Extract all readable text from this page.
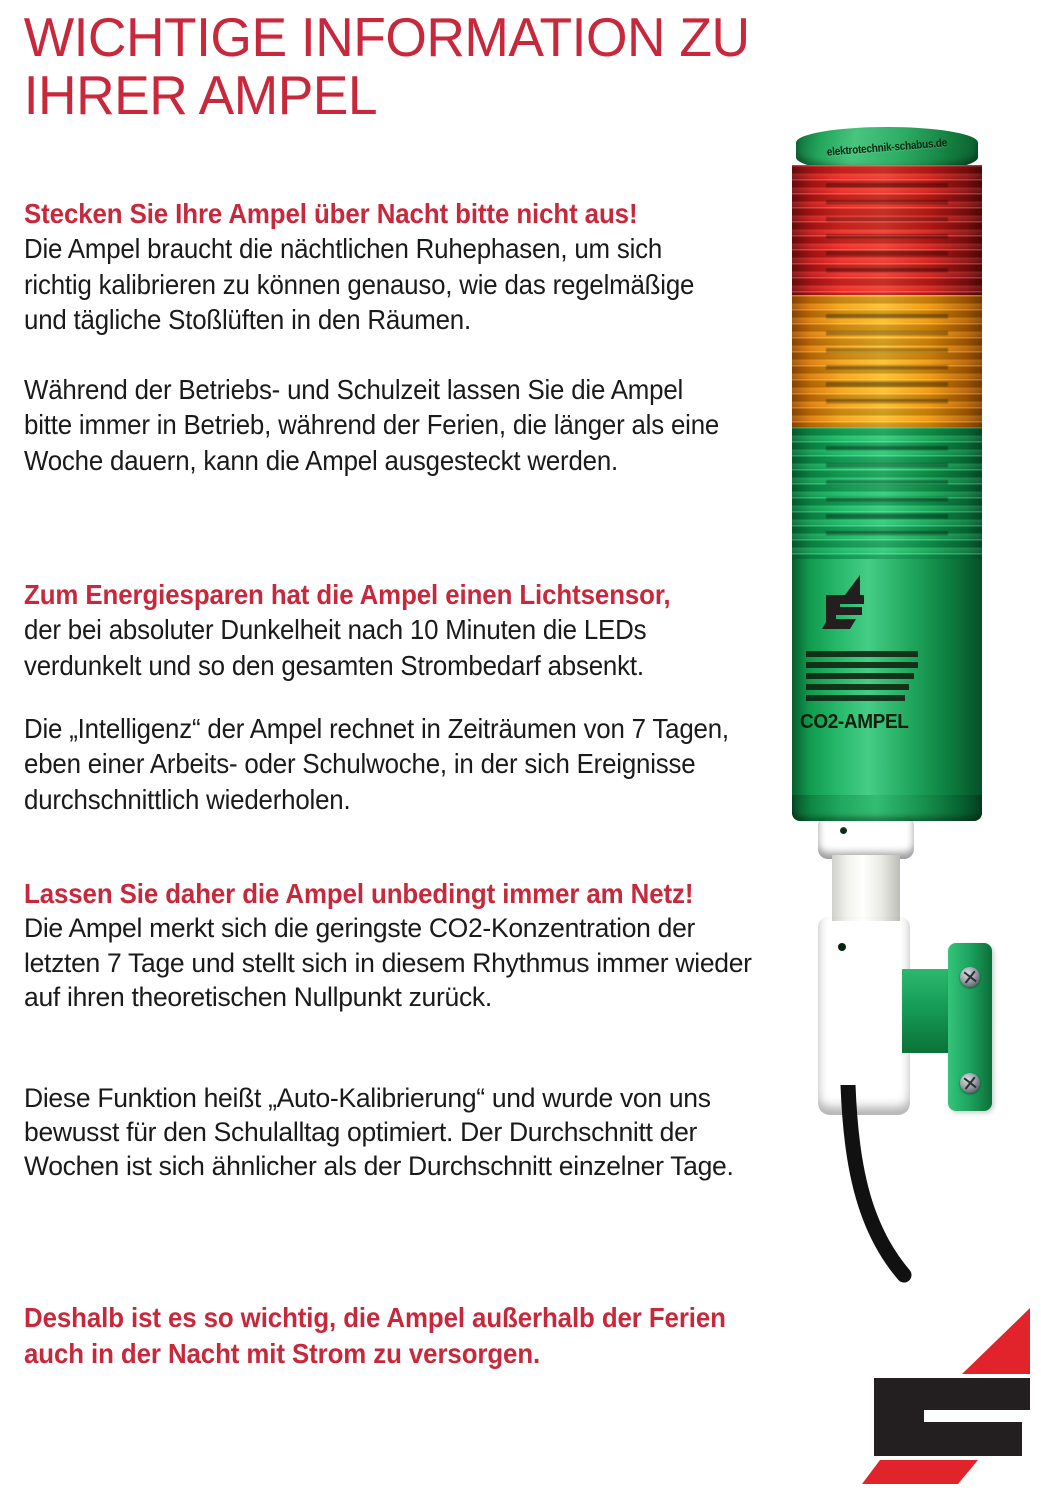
WICHTIGE INFORMATION ZU IHRER AMPEL
Stecken Sie Ihre Ampel über Nacht bitte nicht aus!
Die Ampel braucht die nächtlichen Ruhephasen, um sich richtig kalibrieren zu können genauso, wie das regelmäßige und tägliche Stoßlüften in den Räumen.
Während der Betriebs- und Schulzeit lassen Sie die Ampel bitte immer in Betrieb, während der Ferien, die länger als eine Woche dauern, kann die Ampel ausgesteckt werden.
Zum Energiesparen hat die Ampel einen Lichtsensor,
der bei absoluter Dunkelheit nach 10 Minuten die LEDs verdunkelt und so den gesamten Strombedarf absenkt.
Die „Intelligenz“ der Ampel rechnet in Zeiträumen von 7 Tagen, eben einer Arbeits- oder Schulwoche, in der sich Ereignisse durchschnittlich wiederholen.
Lassen Sie daher die Ampel unbedingt immer am Netz!
Die Ampel merkt sich die geringste CO2-Konzentration der letzten 7 Tage und stellt sich in diesem Rhythmus immer wieder auf ihren theoretischen Nullpunkt zurück.
Diese Funktion heißt „Auto-Kalibrierung“ und wurde von uns bewusst für den Schulalltag optimiert. Der Durchschnitt der Wochen ist sich ähnlicher als der Durchschnitt einzelner Tage.
Deshalb ist es so wichtig, die Ampel außerhalb der Ferien auch in der Nacht mit Strom zu versorgen.
elektrotechnik-schabus.de
CO2-AMPEL
